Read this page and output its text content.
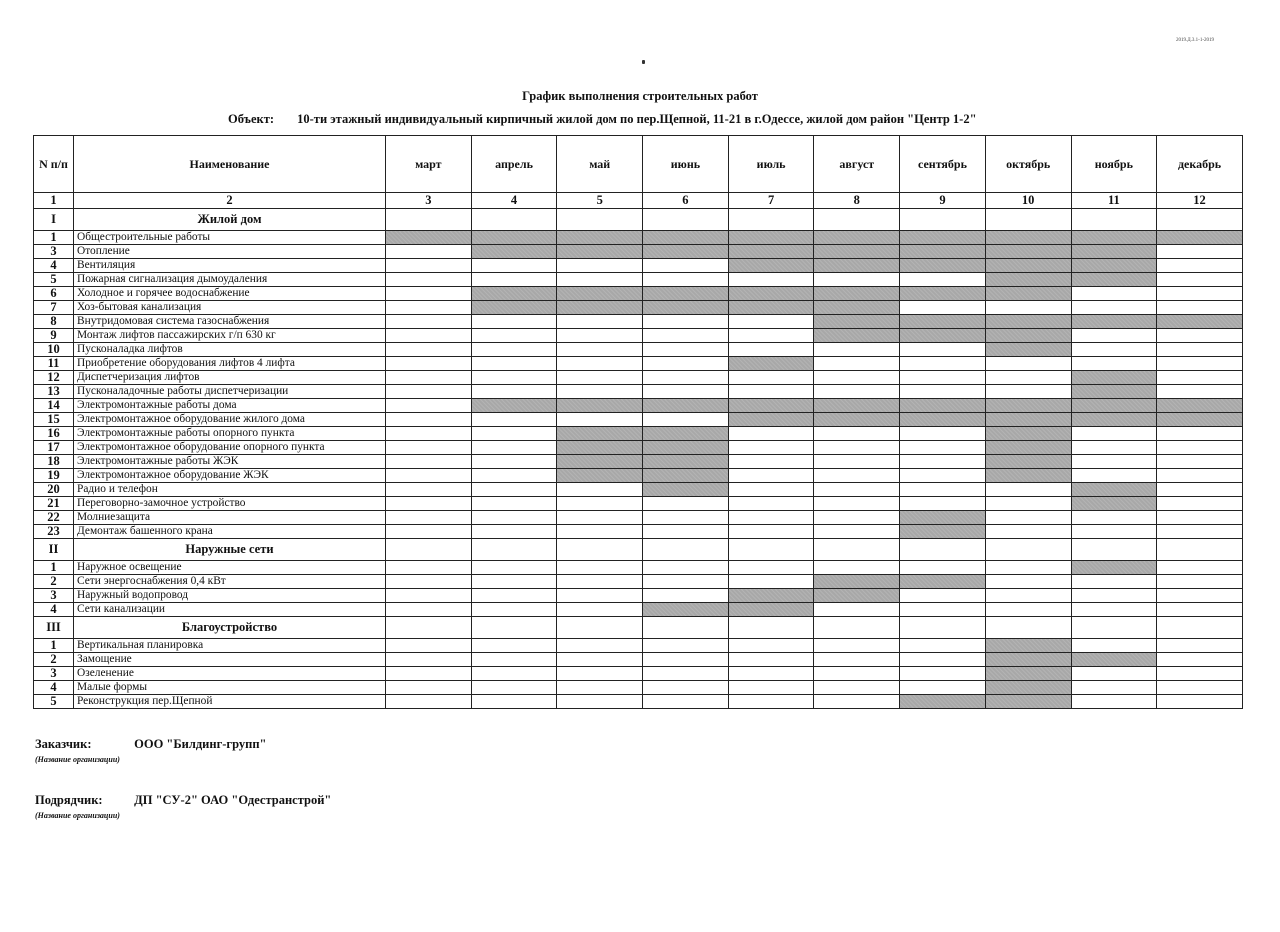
2019.Д.3.1-1-2019
График выполнения строительных работ
Объект: 10-ти этажный индивидуальный кирпичный жилой дом по пер.Щепной, 11-21 в г.Одессе, жилой дом район "Центр 1-2"
N п/п	Наименование	март	апрель	май	июнь	июль	август	сентябрь	октябрь	ноябрь	декабрь
1	2	3	4	5	6	7	8	9	10	11	12
I	Жилой дом										
1	Общестроительные работы										
3	Отопление										
4	Вентиляция										
5	Пожарная сигнализация дымоудаления										
6	Холодное и горячее водоснабжение										
7	Хоз-бытовая канализация										
8	Внутридомовая система газоснабжения										
9	Монтаж лифтов пассажирских г/п 630 кг										
10	Пусконаладка лифтов										
11	Приобретение оборудования лифтов 4 лифта										
12	Диспетчеризация лифтов										
13	Пусконаладочные работы диспетчеризации										
14	Электромонтажные работы дома										
15	Электромонтажное оборудование жилого дома										
16	Электромонтажные работы опорного пункта										
17	Электромонтажное оборудование опорного пункта										
18	Электромонтажные работы ЖЭК										
19	Электромонтажное оборудование ЖЭК										
20	Радио и телефон										
21	Переговорно-замочное устройство										
22	Молниезащита										
23	Демонтаж башенного крана										
II	Наружные сети										
1	Наружное освещение										
2	Сети энергоснабжения 0,4 кВт										
3	Наружный водопровод										
4	Сети канализации										
III	Благоустройство										
1	Вертикальная планировка										
2	Замощение										
3	Озеленение										
4	Малые формы										
5	Реконструкция пер.Щепной										
Заказчик:	ООО "Билдинг-групп"
(Название организации)
Подрядчик:	ДП "СУ-2" ОАО "Одестранстрой"
(Название организации)
